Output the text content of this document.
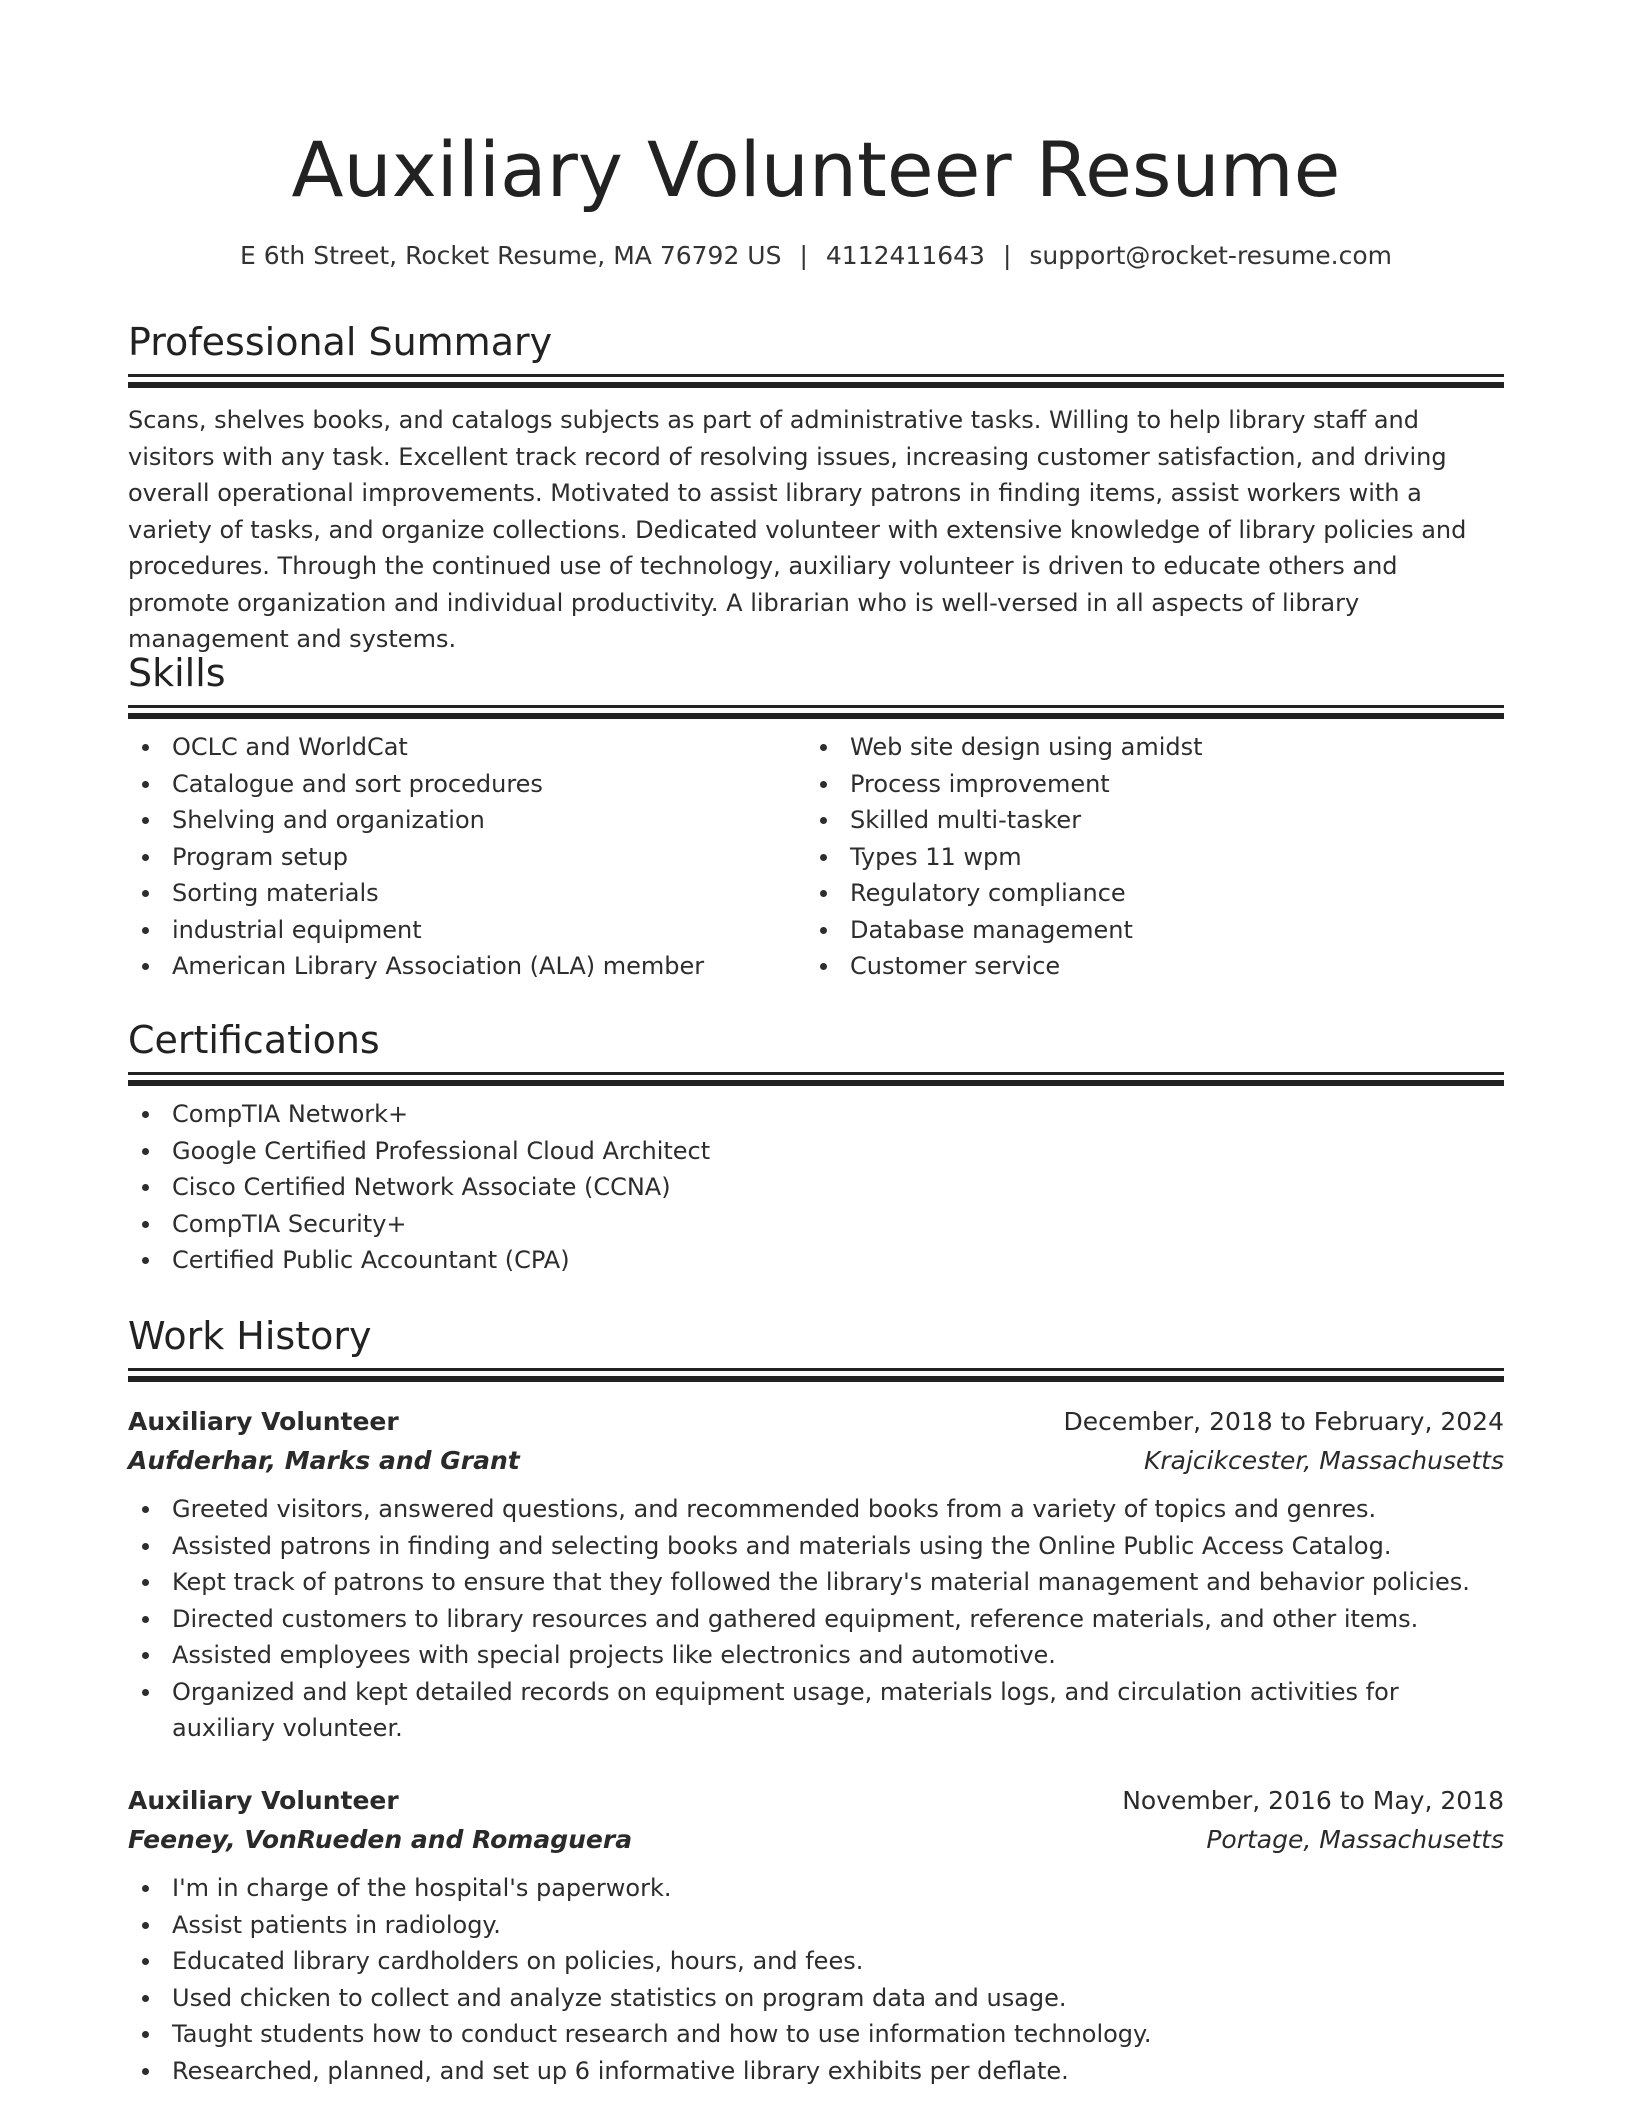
Auxiliary Volunteer Resume
E 6th Street, Rocket Resume, MA 76792 US | 4112411643 | support@rocket-resume.com
Professional Summary

Scans, shelves books, and catalogs subjects as part of administrative tasks. Willing to help library staff and visitors with any task. Excellent track record of resolving issues, increasing customer satisfaction, and driving overall operational improvements. Motivated to assist library patrons in finding items, assist workers with a variety of tasks, and organize collections. Dedicated volunteer with extensive knowledge of library policies and procedures. Through the continued use of technology, auxiliary volunteer is driven to educate others and promote organization and individual productivity. A librarian who is well-versed in all aspects of library management and systems.

Skills
OCLC and WorldCat
Catalogue and sort procedures
Shelving and organization
Program setup
Sorting materials
industrial equipment
American Library Association (ALA) member
Web site design using amidst
Process improvement
Skilled multi-tasker
Types 11 wpm
Regulatory compliance
Database management
Customer service
Certifications
CompTIA Network+
Google Certified Professional Cloud Architect
Cisco Certified Network Associate (CCNA)
CompTIA Security+
Certified Public Accountant (CPA)
Work History
Auxiliary Volunteer	December, 2018 to February, 2024
Aufderhar, Marks and Grant	Krajcikcester, Massachusetts
Greeted visitors, answered questions, and recommended books from a variety of topics and genres.
Assisted patrons in finding and selecting books and materials using the Online Public Access Catalog.
Kept track of patrons to ensure that they followed the library's material management and behavior policies.
Directed customers to library resources and gathered equipment, reference materials, and other items.
Assisted employees with special projects like electronics and automotive.
Organized and kept detailed records on equipment usage, materials logs, and circulation activities for auxiliary volunteer.
Auxiliary Volunteer	November, 2016 to May, 2018
Feeney, VonRueden and Romaguera	Portage, Massachusetts
I'm in charge of the hospital's paperwork.
Assist patients in radiology.
Educated library cardholders on policies, hours, and fees.
Used chicken to collect and analyze statistics on program data and usage.
Taught students how to conduct research and how to use information technology.
Researched, planned, and set up 6 informative library exhibits per deflate.
